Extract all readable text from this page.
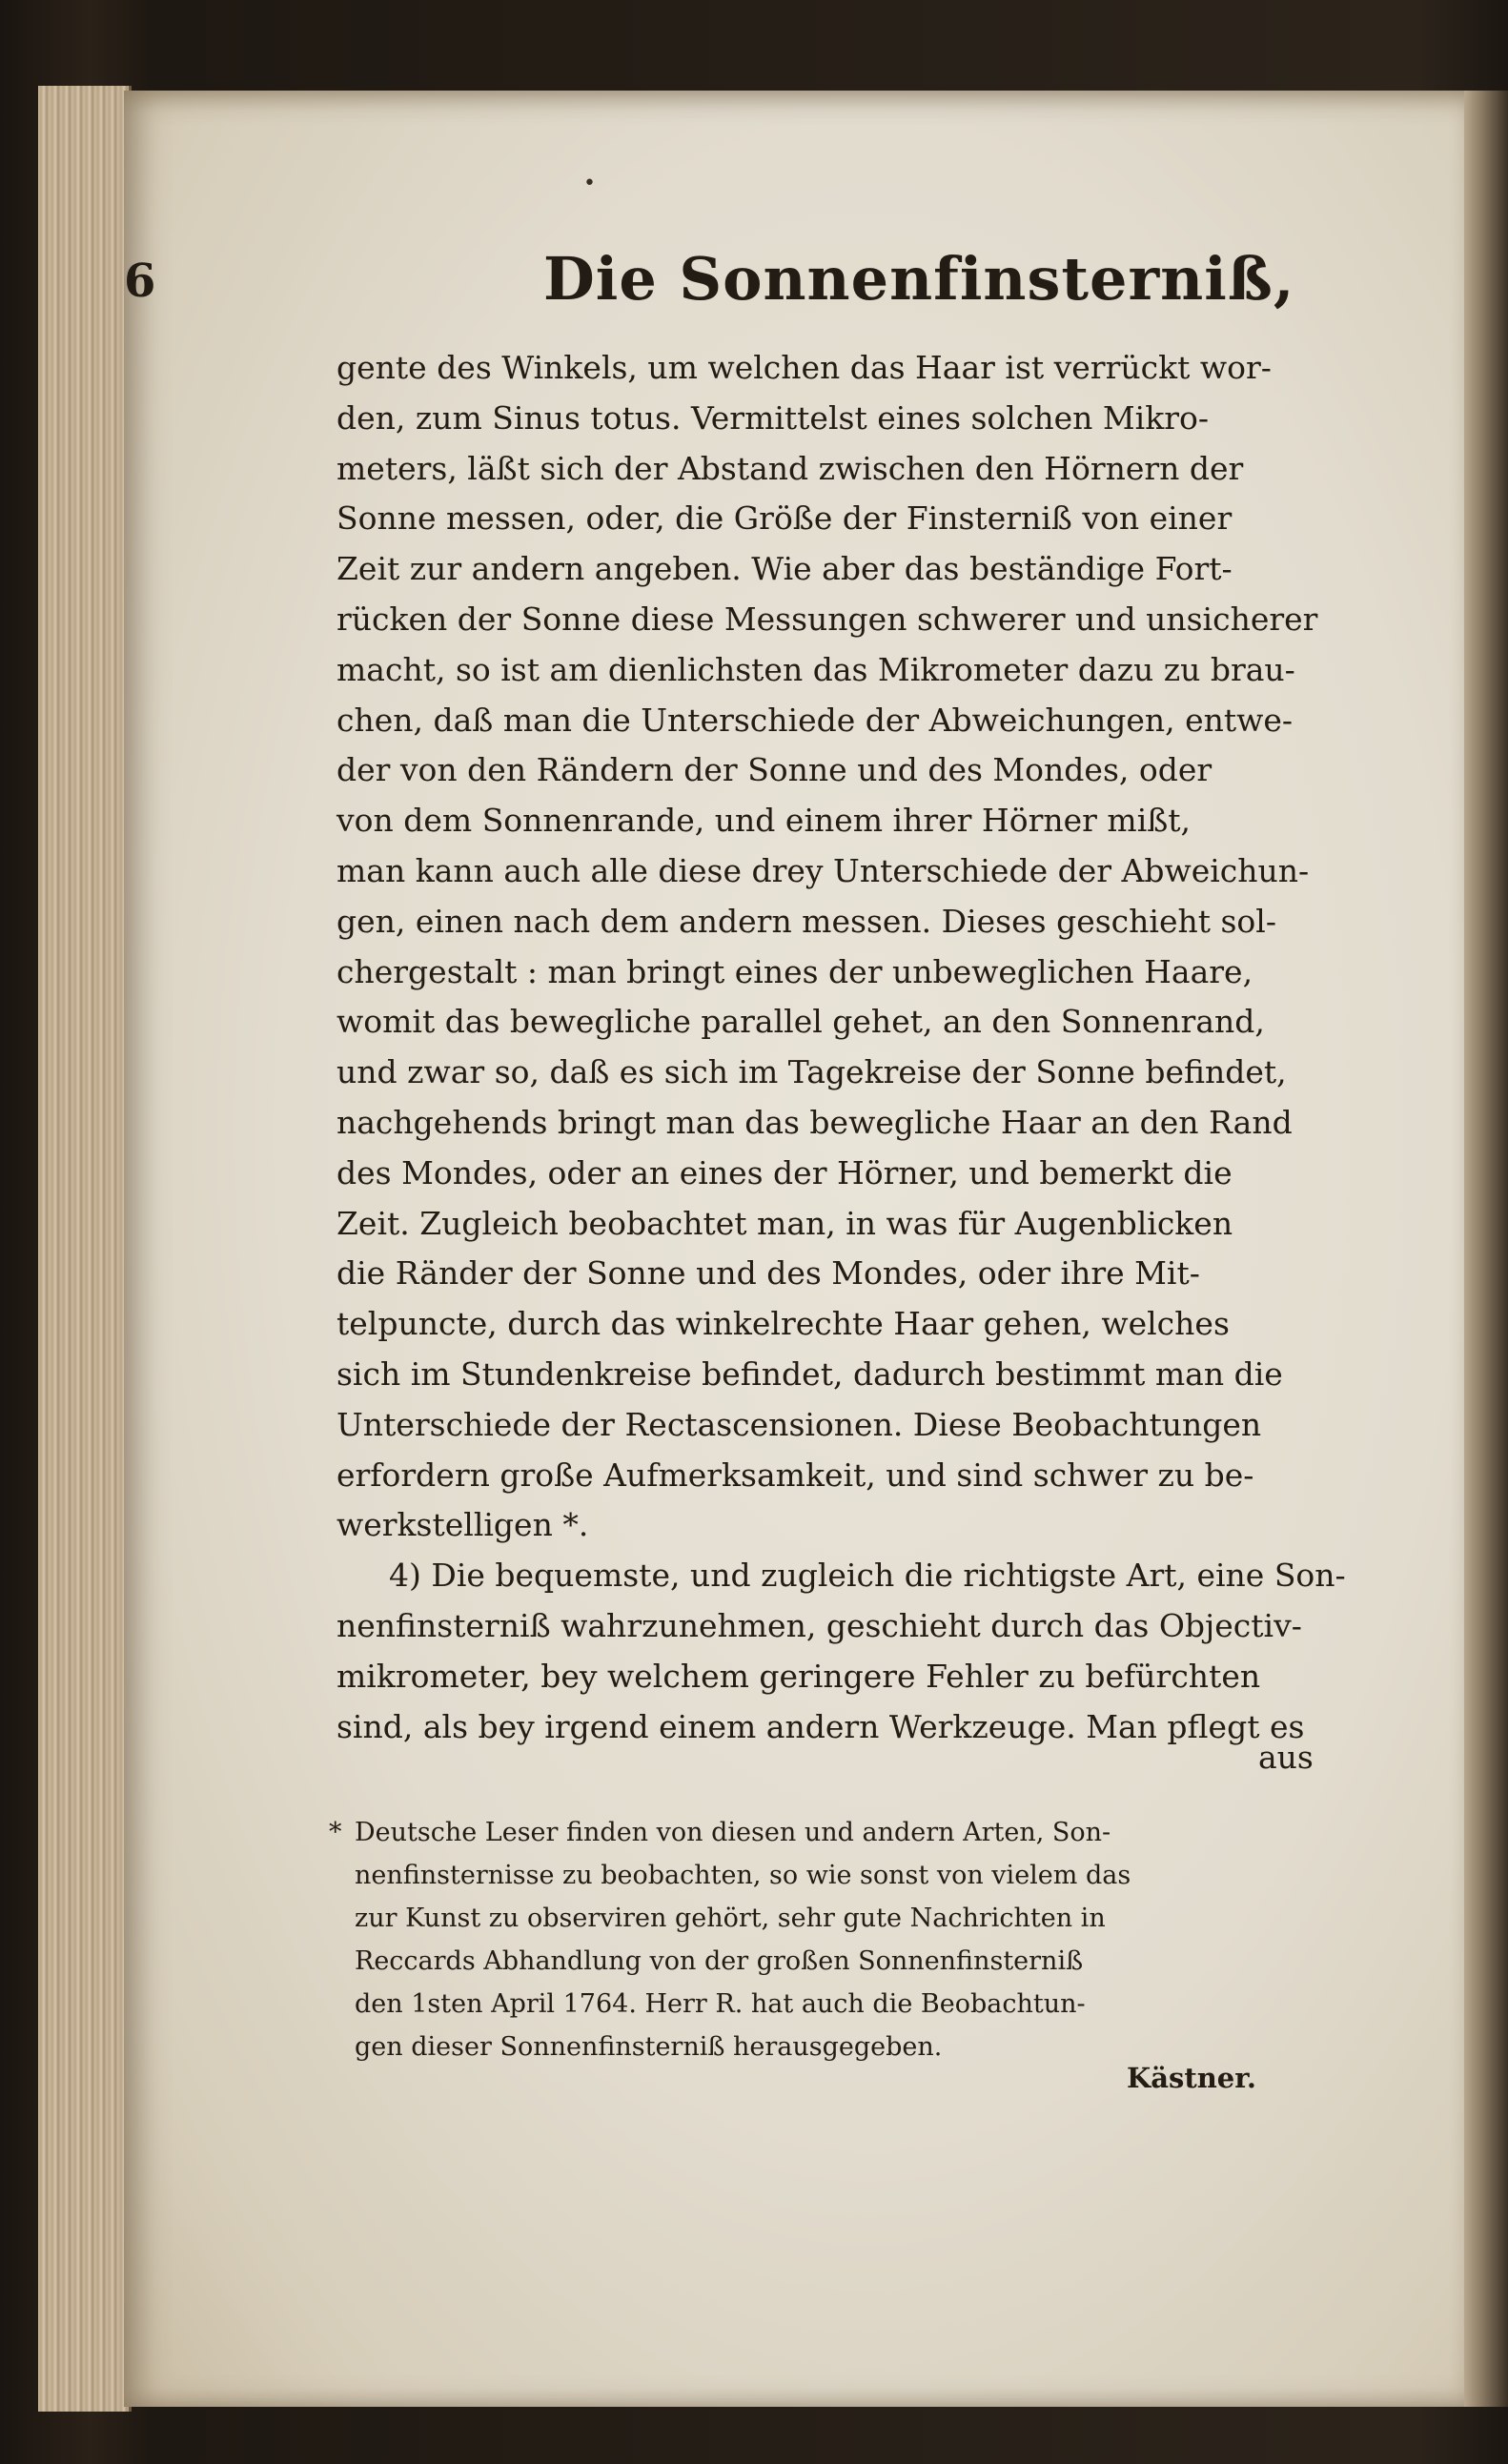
•
6	Die Sonnenfinsterniß,
gente des Winkels, um welchen das Haar ist verrückt wor-
den, zum Sinus totus. Vermittelst eines solchen Mikro-
meters, läßt sich der Abstand zwischen den Hörnern der
Sonne messen, oder, die Größe der Finsterniß von einer
Zeit zur andern angeben. Wie aber das beständige Fort-
rücken der Sonne diese Messungen schwerer und unsicherer
macht, so ist am dienlichsten das Mikrometer dazu zu brau-
chen, daß man die Unterschiede der Abweichungen, entwe-
der von den Rändern der Sonne und des Mondes, oder
von dem Sonnenrande, und einem ihrer Hörner mißt,
man kann auch alle diese drey Unterschiede der Abweichun-
gen, einen nach dem andern messen. Dieses geschieht sol-
chergestalt : man bringt eines der unbeweglichen Haare,
womit das bewegliche parallel gehet, an den Sonnenrand,
und zwar so, daß es sich im Tagekreise der Sonne befindet,
nachgehends bringt man das bewegliche Haar an den Rand
des Mondes, oder an eines der Hörner, und bemerkt die
Zeit. Zugleich beobachtet man, in was für Augenblicken
die Ränder der Sonne und des Mondes, oder ihre Mit-
telpuncte, durch das winkelrechte Haar gehen, welches
sich im Stundenkreise befindet, dadurch bestimmt man die
Unterschiede der Rectascensionen. Diese Beobachtungen
erfordern große Aufmerksamkeit, und sind schwer zu be-
werkstelligen *.
4) Die bequemste, und zugleich die richtigste Art, eine Son-
nenfinsterniß wahrzunehmen, geschieht durch das Objectiv-
mikrometer, bey welchem geringere Fehler zu befürchten
sind, als bey irgend einem andern Werkzeuge. Man pflegt es
aus
* Deutsche Leser finden von diesen und andern Arten, Son-
nenfinsternisse zu beobachten, so wie sonst von vielem das
zur Kunst zu observiren gehört, sehr gute Nachrichten in
Reccards Abhandlung von der großen Sonnenfinsterniß
den 1sten April 1764. Herr R. hat auch die Beobachtun-
gen dieser Sonnenfinsterniß herausgegeben.
Kästner.
